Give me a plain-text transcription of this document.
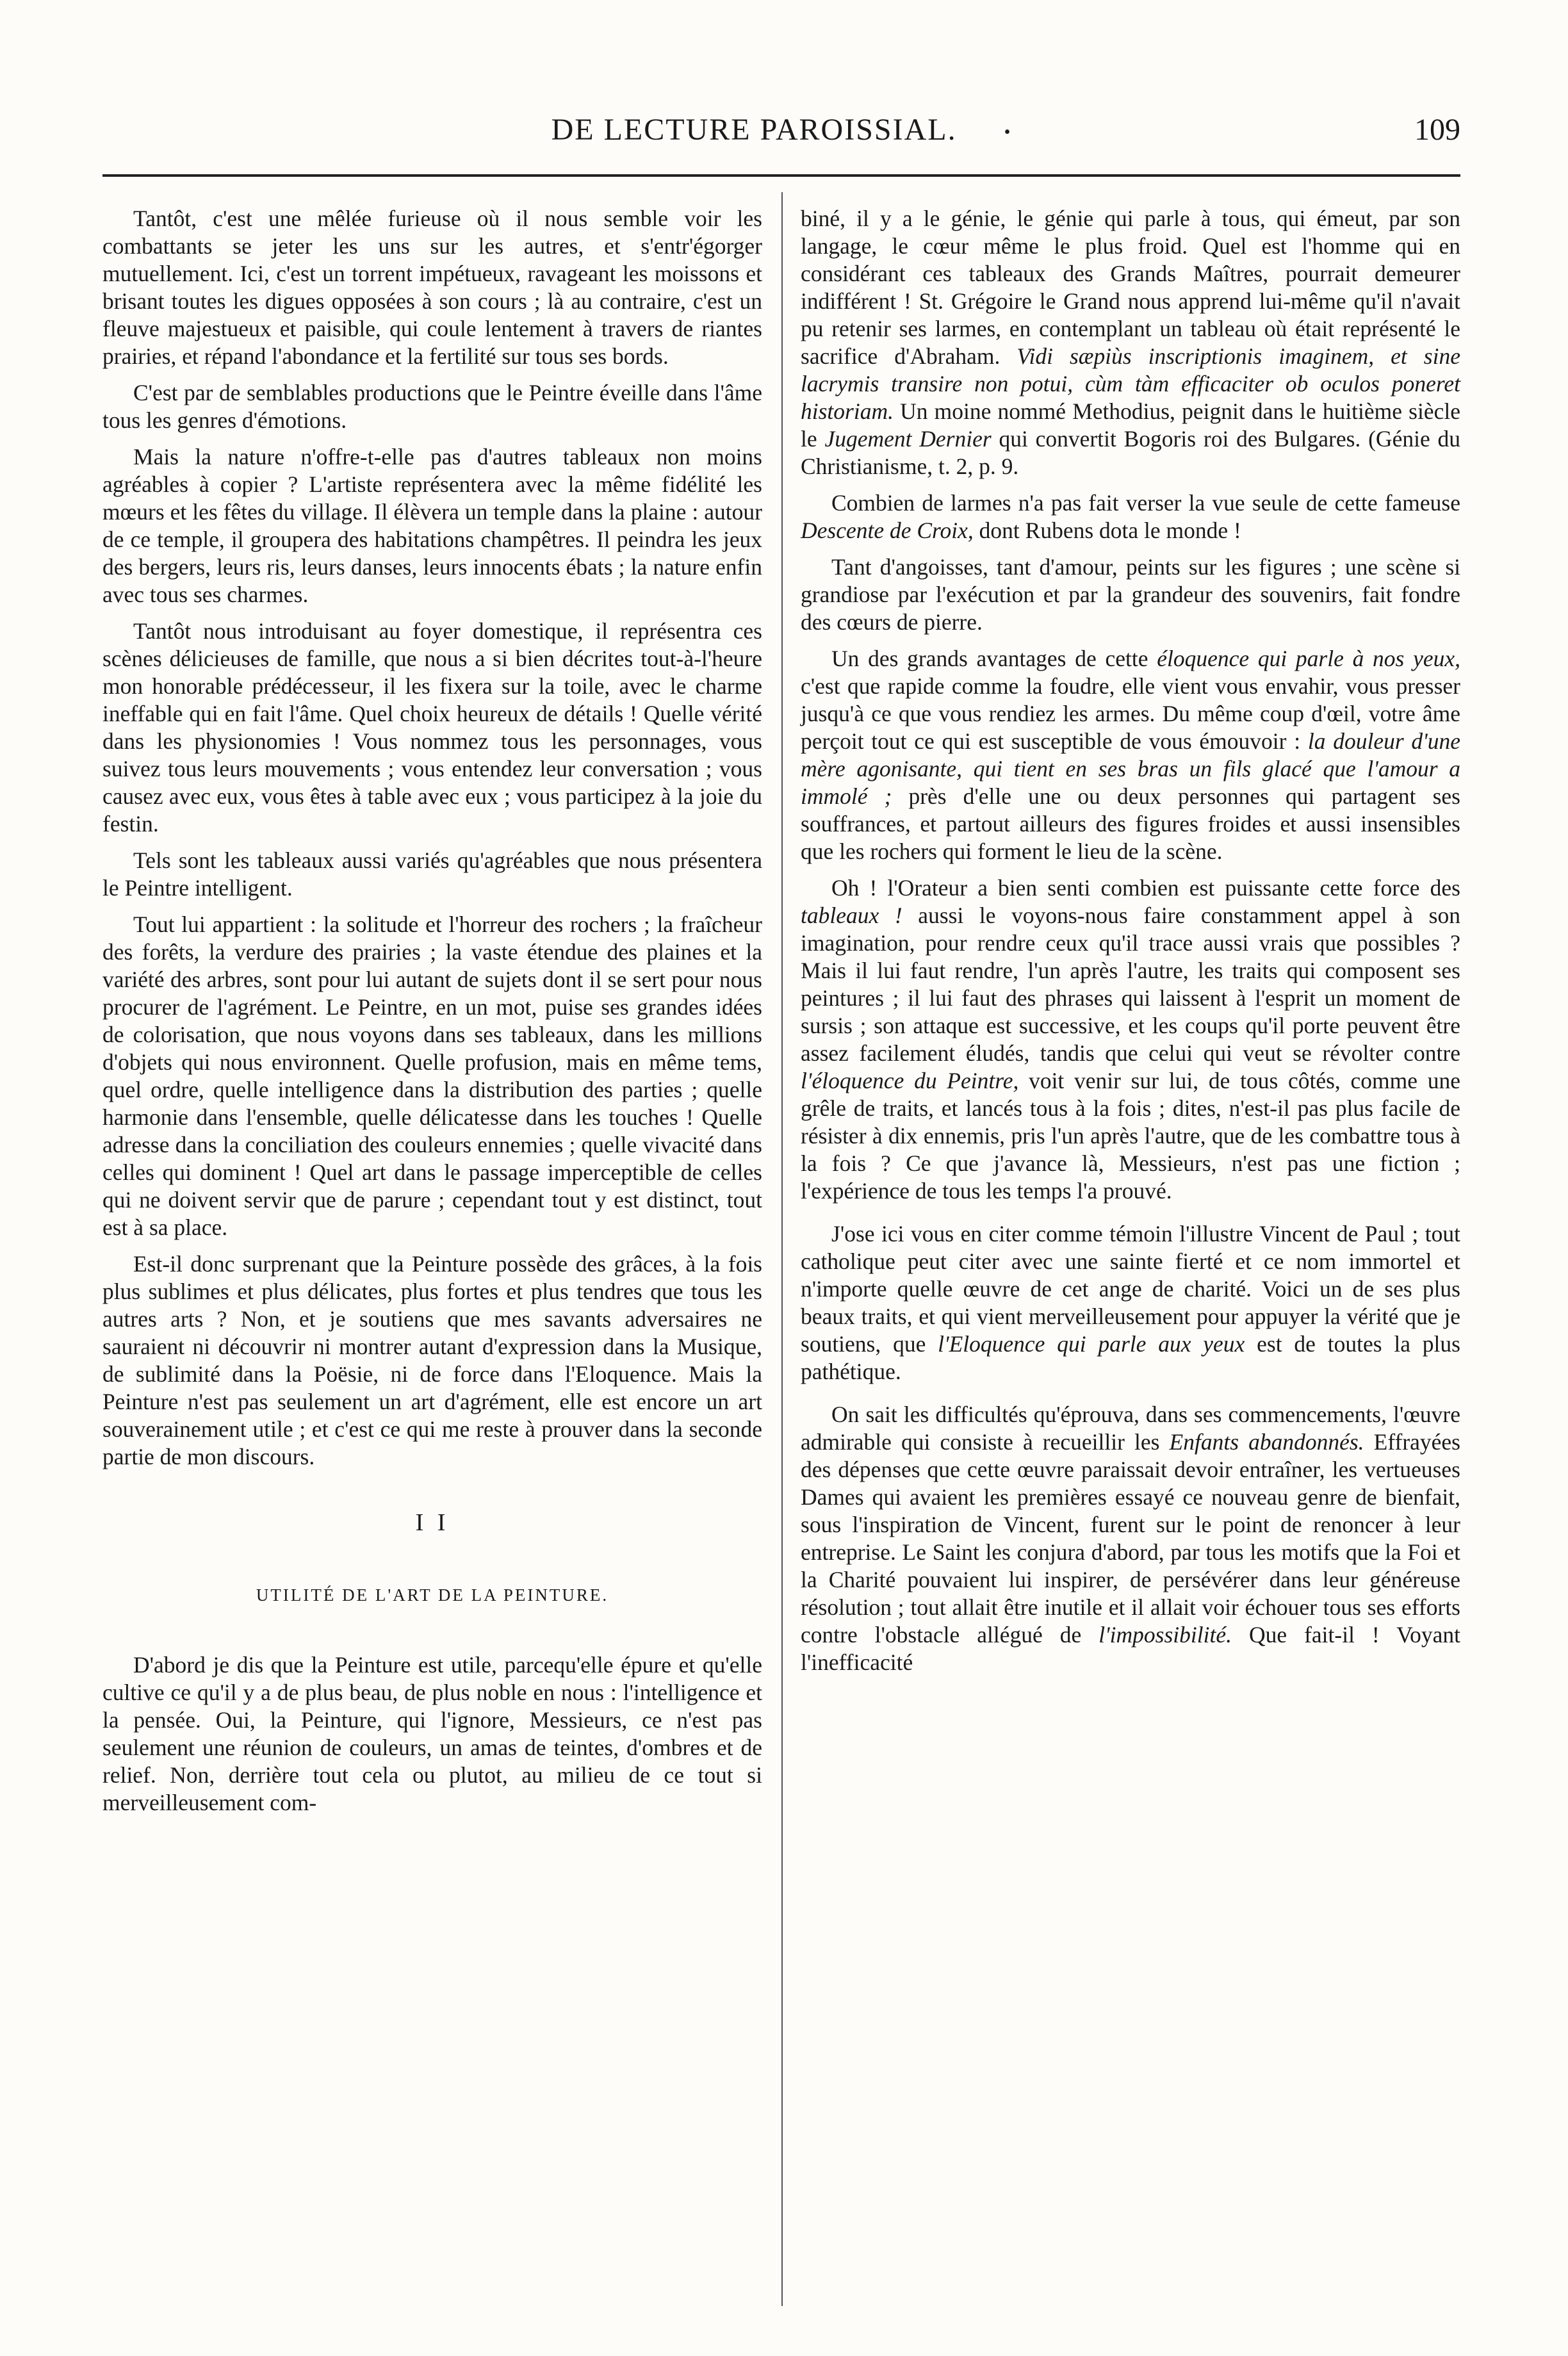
DE LECTURE PAROISSIAL.	•	109

Tantôt, c'est une mêlée furieuse où il nous semble voir les combattants se jeter les uns sur les autres, et s'entr'égorger mutuellement. Ici, c'est un torrent impétueux, ravageant les moissons et brisant toutes les digues opposées à son cours ; là au contraire, c'est un fleuve majestueux et paisible, qui coule lentement à travers de riantes prairies, et répand l'abondance et la fertilité sur tous ses bords.

C'est par de semblables productions que le Peintre éveille dans l'âme tous les genres d'émotions.

Mais la nature n'offre-t-elle pas d'autres tableaux non moins agréables à copier ? L'artiste représentera avec la même fidélité les mœurs et les fêtes du village. Il élèvera un temple dans la plaine : autour de ce temple, il groupera des habitations champêtres. Il peindra les jeux des bergers, leurs ris, leurs danses, leurs innocents ébats ; la nature enfin avec tous ses charmes.

Tantôt nous introduisant au foyer domestique, il représentra ces scènes délicieuses de famille, que nous a si bien décrites tout-à-l'heure mon honorable prédécesseur, il les fixera sur la toile, avec le charme ineffable qui en fait l'âme. Quel choix heureux de détails ! Quelle vérité dans les physionomies ! Vous nommez tous les personnages, vous suivez tous leurs mouvements ; vous entendez leur conversation ; vous causez avec eux, vous êtes à table avec eux ; vous participez à la joie du festin.

Tels sont les tableaux aussi variés qu'agréables que nous présentera le Peintre intelligent.

Tout lui appartient : la solitude et l'horreur des rochers ; la fraîcheur des forêts, la verdure des prairies ; la vaste étendue des plaines et la variété des arbres, sont pour lui autant de sujets dont il se sert pour nous procurer de l'agrément. Le Peintre, en un mot, puise ses grandes idées de colorisation, que nous voyons dans ses tableaux, dans les millions d'objets qui nous environnent. Quelle profusion, mais en même tems, quel ordre, quelle intelligence dans la distribution des parties ; quelle harmonie dans l'ensemble, quelle délicatesse dans les touches ! Quelle adresse dans la conciliation des couleurs ennemies ; quelle vivacité dans celles qui dominent ! Quel art dans le passage imperceptible de celles qui ne doivent servir que de parure ; cependant tout y est distinct, tout est à sa place.

Est-il donc surprenant que la Peinture possède des grâces, à la fois plus sublimes et plus délicates, plus fortes et plus tendres que tous les autres arts ? Non, et je soutiens que mes savants adversaires ne sauraient ni découvrir ni montrer autant d'expression dans la Musique, de sublimité dans la Poësie, ni de force dans l'Eloquence. Mais la Peinture n'est pas seulement un art d'agrément, elle est encore un art souverainement utile ; et c'est ce qui me reste à prouver dans la seconde partie de mon discours.

I I
UTILITÉ DE L'ART DE LA PEINTURE.

D'abord je dis que la Peinture est utile, parcequ'elle épure et qu'elle cultive ce qu'il y a de plus beau, de plus noble en nous : l'intelligence et la pensée. Oui, la Peinture, qui l'ignore, Messieurs, ce n'est pas seulement une réunion de couleurs, un amas de teintes, d'ombres et de relief. Non, derrière tout cela ou plutot, au milieu de ce tout si merveilleusement com-

biné, il y a le génie, le génie qui parle à tous, qui émeut, par son langage, le cœur même le plus froid. Quel est l'homme qui en considérant ces tableaux des Grands Maîtres, pourrait demeurer indifférent ! St. Grégoire le Grand nous apprend lui-même qu'il n'avait pu retenir ses larmes, en contemplant un tableau où était représenté le sacrifice d'Abraham. Vidi sæpiùs inscriptionis imaginem, et sine lacrymis transire non potui, cùm tàm efficaciter ob oculos poneret historiam. Un moine nommé Methodius, peignit dans le huitième siècle le Jugement Dernier qui convertit Bogoris roi des Bulgares. (Génie du Christianisme, t. 2, p. 9.

Combien de larmes n'a pas fait verser la vue seule de cette fameuse Descente de Croix, dont Rubens dota le monde !

Tant d'angoisses, tant d'amour, peints sur les figures ; une scène si grandiose par l'exécution et par la grandeur des souvenirs, fait fondre des cœurs de pierre.

Un des grands avantages de cette éloquence qui parle à nos yeux, c'est que rapide comme la foudre, elle vient vous envahir, vous presser jusqu'à ce que vous rendiez les armes. Du même coup d'œil, votre âme perçoit tout ce qui est susceptible de vous émouvoir : la douleur d'une mère agonisante, qui tient en ses bras un fils glacé que l'amour a immolé ; près d'elle une ou deux personnes qui partagent ses souffrances, et partout ailleurs des figures froides et aussi insensibles que les rochers qui forment le lieu de la scène.

Oh ! l'Orateur a bien senti combien est puissante cette force des tableaux ! aussi le voyons-nous faire constamment appel à son imagination, pour rendre ceux qu'il trace aussi vrais que possibles ? Mais il lui faut rendre, l'un après l'autre, les traits qui composent ses peintures ; il lui faut des phrases qui laissent à l'esprit un moment de sursis ; son attaque est successive, et les coups qu'il porte peuvent être assez facilement éludés, tandis que celui qui veut se révolter contre l'éloquence du Peintre, voit venir sur lui, de tous côtés, comme une grêle de traits, et lancés tous à la fois ; dites, n'est-il pas plus facile de résister à dix ennemis, pris l'un après l'autre, que de les combattre tous à la fois ? Ce que j'avance là, Messieurs, n'est pas une fiction ; l'expérience de tous les temps l'a prouvé.

J'ose ici vous en citer comme témoin l'illustre Vincent de Paul ; tout catholique peut citer avec une sainte fierté et ce nom immortel et n'importe quelle œuvre de cet ange de charité. Voici un de ses plus beaux traits, et qui vient merveilleusement pour appuyer la vérité que je soutiens, que l'Eloquence qui parle aux yeux est de toutes la plus pathétique.

On sait les difficultés qu'éprouva, dans ses commencements, l'œuvre admirable qui consiste à recueillir les Enfants abandonnés. Effrayées des dépenses que cette œuvre paraissait devoir entraîner, les vertueuses Dames qui avaient les premières essayé ce nouveau genre de bienfait, sous l'inspiration de Vincent, furent sur le point de renoncer à leur entreprise. Le Saint les conjura d'abord, par tous les motifs que la Foi et la Charité pouvaient lui inspirer, de persévérer dans leur généreuse résolution ; tout allait être inutile et il allait voir échouer tous ses efforts contre l'obstacle allégué de l'impossibilité. Que fait-il ! Voyant l'inefficacité
